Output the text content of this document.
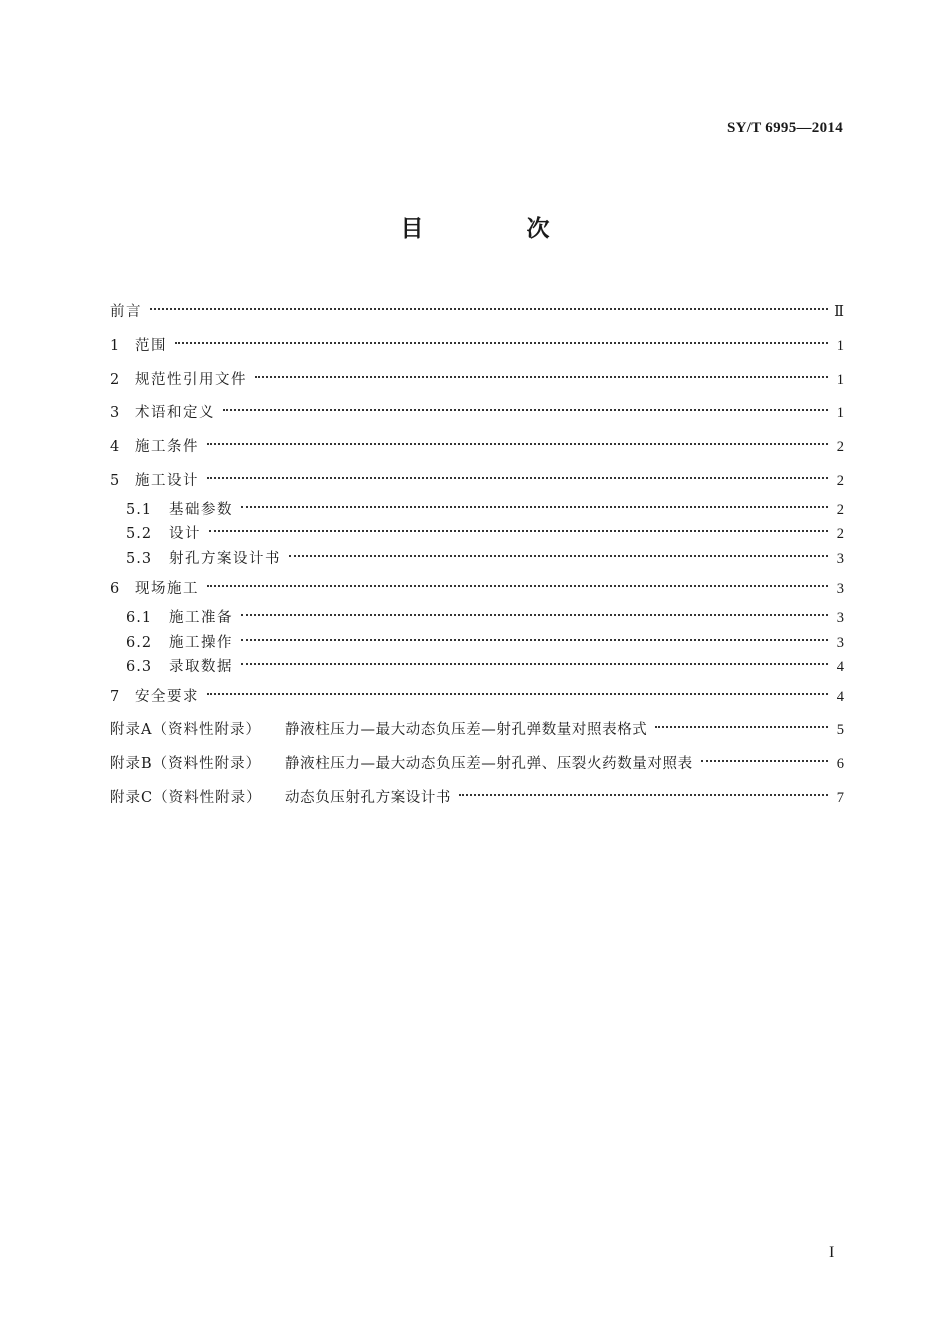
SY/T 6995—2014
目　次
前言	Ⅱ
1	范围	1
2	规范性引用文件	1
3	术语和定义	1
4	施工条件	2
5	施工设计	2
5.1	基础参数	2
5.2	设计	2
5.3	射孔方案设计书	3
6	现场施工	3
6.1	施工准备	3
6.2	施工操作	3
6.3	录取数据	4
7	安全要求	4
附录A（资料性附录）	静液柱压力—最大动态负压差—射孔弹数量对照表格式	5
附录B（资料性附录）	静液柱压力—最大动态负压差—射孔弹、压裂火药数量对照表	6
附录C（资料性附录）	动态负压射孔方案设计书	7
I
